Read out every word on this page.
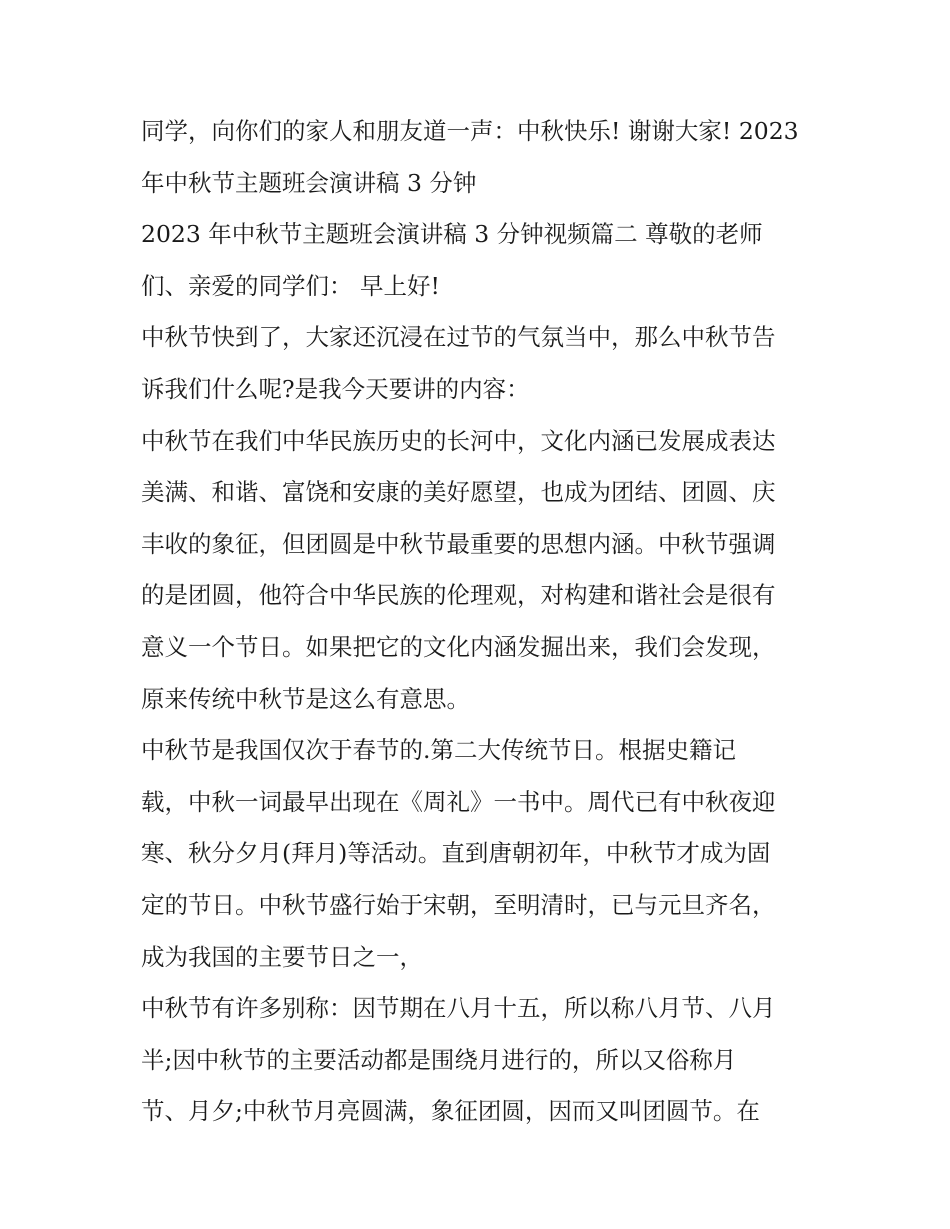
同学，向你们的家人和朋友道一声：中秋快乐! 谢谢大家! 2023
年中秋节主题班会演讲稿 3 分钟
2023 年中秋节主题班会演讲稿 3 分钟视频篇二 尊敬的老师
们、亲爱的同学们： 早上好!
中秋节快到了，大家还沉浸在过节的气氛当中，那么中秋节告
诉我们什么呢?是我今天要讲的内容：
中秋节在我们中华民族历史的长河中，文化内涵已发展成表达
美满、和谐、富饶和安康的美好愿望，也成为团结、团圆、庆
丰收的象征，但团圆是中秋节最重要的思想内涵。中秋节强调
的是团圆，他符合中华民族的伦理观，对构建和谐社会是很有
意义一个节日。如果把它的文化内涵发掘出来，我们会发现，
原来传统中秋节是这么有意思。
中秋节是我国仅次于春节的.第二大传统节日。根据史籍记
载，中秋一词最早出现在《周礼》一书中。周代已有中秋夜迎
寒、秋分夕月(拜月)等活动。直到唐朝初年，中秋节才成为固
定的节日。中秋节盛行始于宋朝，至明清时，已与元旦齐名，
成为我国的主要节日之一，
中秋节有许多别称：因节期在八月十五，所以称八月节、八月
半;因中秋节的主要活动都是围绕月进行的，所以又俗称月
节、月夕;中秋节月亮圆满，象征团圆，因而又叫团圆节。在
